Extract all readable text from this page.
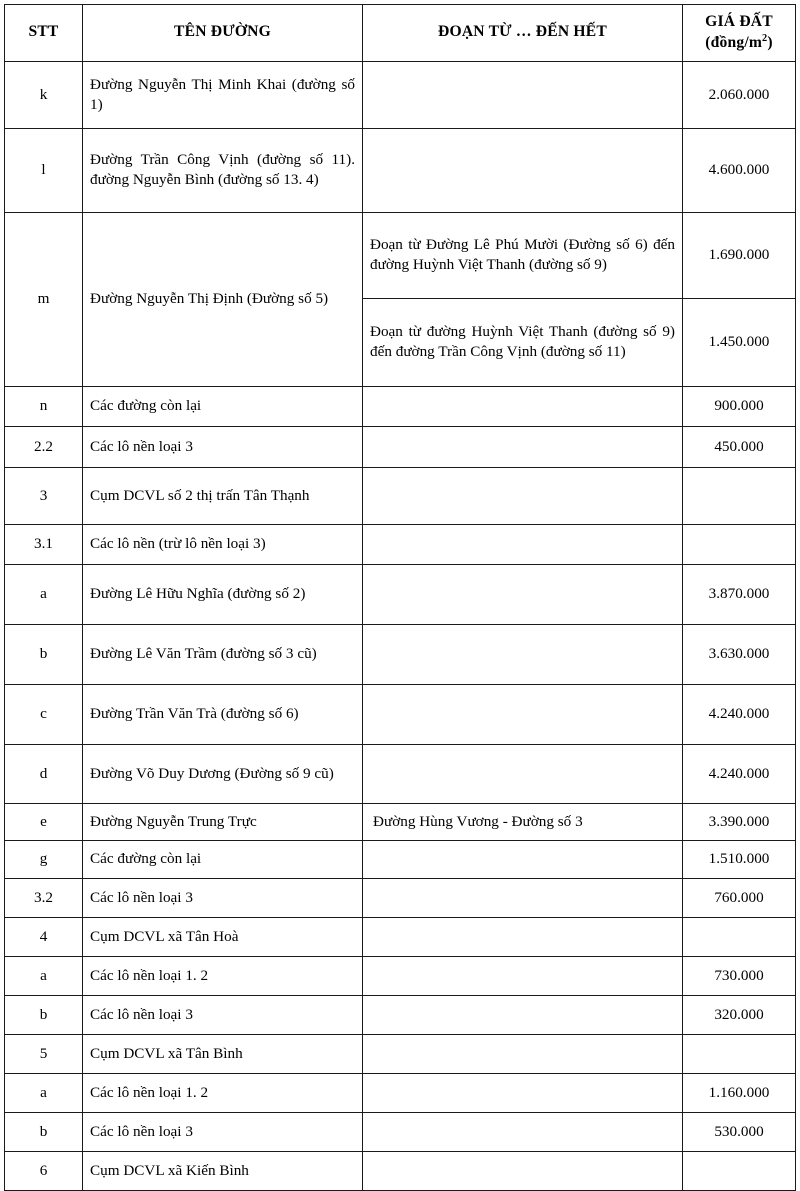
STT	TÊN ĐƯỜNG	ĐOẠN TỪ … ĐẾN HẾT	GIÁ ĐẤT
$(đồng/m^2)$

k	Đường Nguyễn Thị Minh Khai (đường số 1)		2.060.000
l	Đường Trần Công Vịnh (đường số 11). đường Nguyễn Bình (đường số 13. 4)		4.600.000
m	Đường Nguyễn Thị Định (Đường số 5)	Đoạn từ Đường Lê Phú Mười (Đường số 6) đến đường Huỳnh Việt Thanh (đường số 9)	1.690.000
		Đoạn từ đường Huỳnh Việt Thanh (đường số 9) đến đường Trần Công Vịnh (đường số 11)	1.450.000
n	Các đường còn lại		900.000
2.2	Các lô nền loại 3		450.000
3	Cụm DCVL số 2 thị trấn Tân Thạnh		
3.1	Các lô nền (trừ lô nền loại 3)		
a	Đường Lê Hữu Nghĩa (đường số 2)		3.870.000
b	Đường Lê Văn Trầm (đường số 3 cũ)		3.630.000
c	Đường Trần Văn Trà (đường số 6)		4.240.000
d	Đường Võ Duy Dương (Đường số 9 cũ)		4.240.000
e	Đường Nguyễn Trung Trực	Đường Hùng Vương - Đường số 3	3.390.000
g	Các đường còn lại		1.510.000
3.2	Các lô nền loại 3		760.000
4	Cụm DCVL xã Tân Hoà		
a	Các lô nền loại 1. 2		730.000
b	Các lô nền loại 3		320.000
5	Cụm DCVL xã Tân Bình		
a	Các lô nền loại 1. 2		1.160.000
b	Các lô nền loại 3		530.000
6	Cụm DCVL xã Kiến Bình		
